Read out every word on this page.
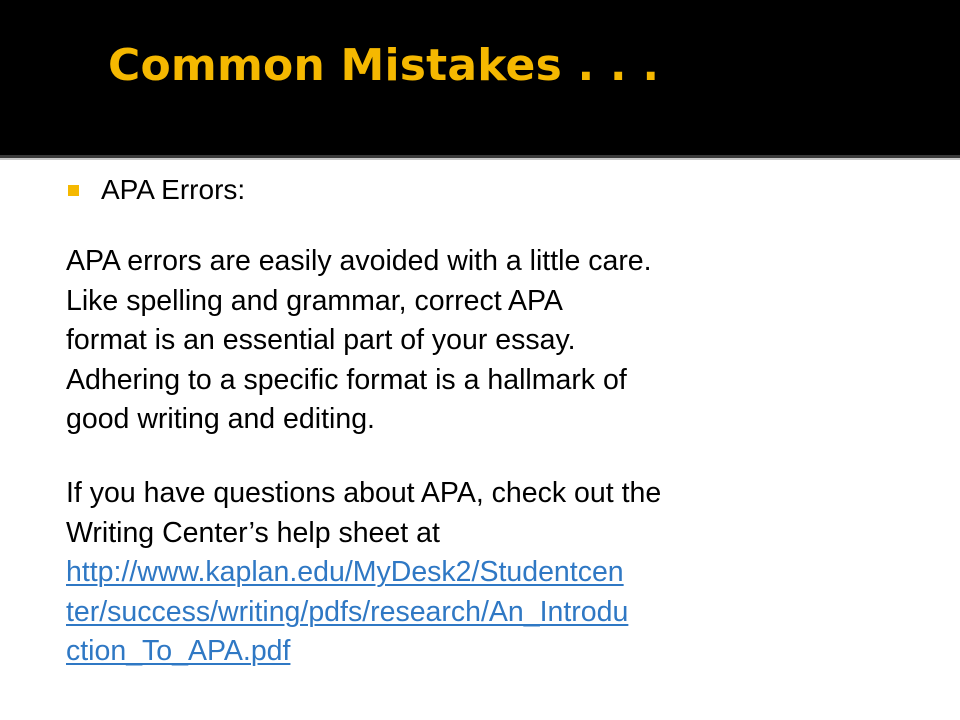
Common Mistakes . . .
APA Errors:
APA errors are easily avoided with a little care.
Like spelling and grammar, correct APA
format is an essential part of your essay.
Adhering to a specific format is a hallmark of
good writing and editing.
If you have questions about APA, check out the
Writing Center’s help sheet at
http://www.kaplan.edu/MyDesk2/Studentcen
ter/success/writing/pdfs/research/An_Introdu
ction_To_APA.pdf
